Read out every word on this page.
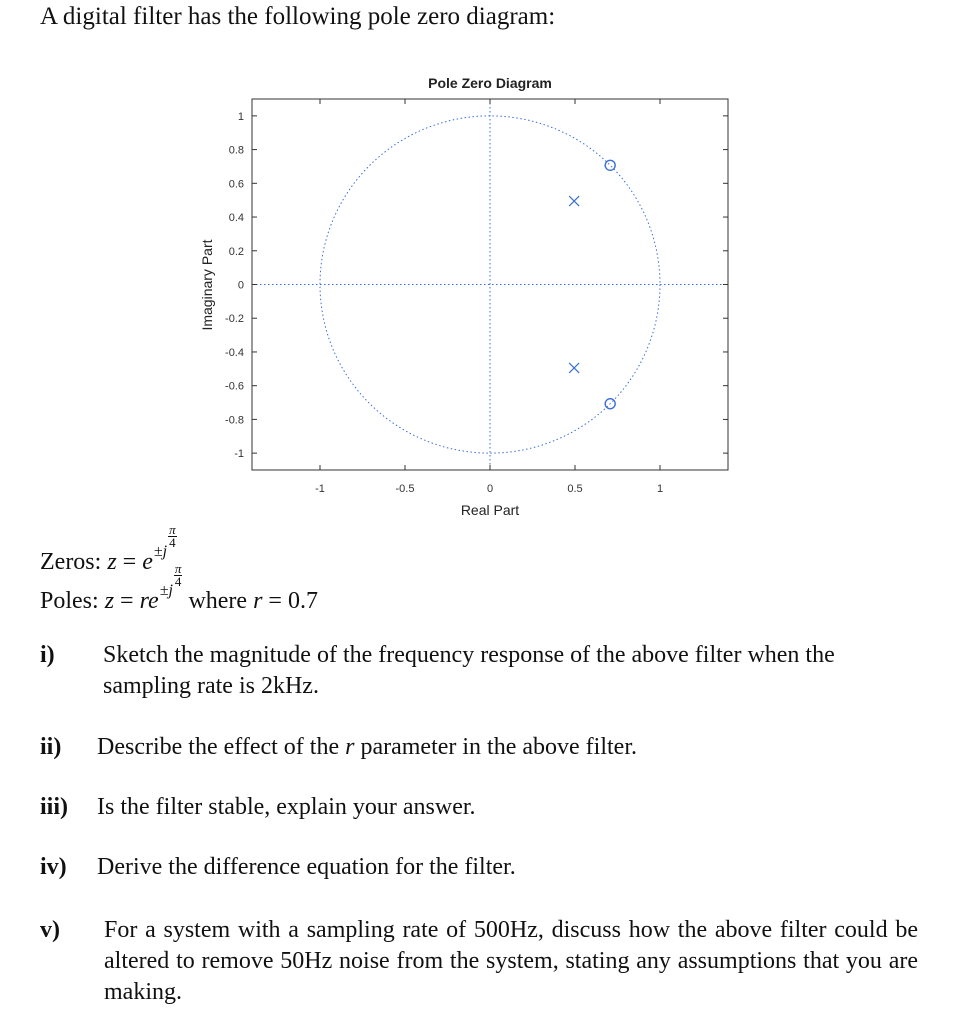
A digital filter has the following pole zero diagram:
Pole Zero Diagram
Real Part
Imaginary Part
-1	-0.5	0	0.5	1
1
0.8
0.6
0.4
0.2
0
-0.2
-0.4
-0.6
-0.8
-1
Zeros: $z = e^{\pm j \frac{\pi}{4}}$
Poles: $z = re^{\pm j \frac{\pi}{4}}$
where r = 0.7
i) Sketch the magnitude of the frequency response of the above filter when the sampling rate is 2kHz.
ii) Describe the effect of the r parameter in the above filter.
iii) Is the filter stable, explain your answer.
iv) Derive the difference equation for the filter.
v) For a system with a sampling rate of 500Hz, discuss how the above filter could be altered to remove 50Hz noise from the system, stating any assumptions that you are making.
